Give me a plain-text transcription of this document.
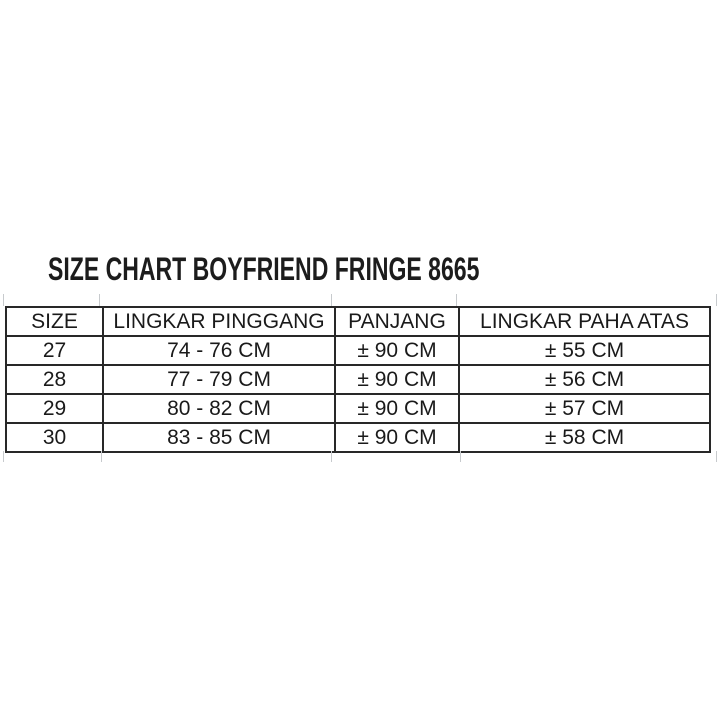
SIZE CHART BOYFRIEND FRINGE 8665
SIZE	LINGKAR PINGGANG	PANJANG	LINGKAR PAHA ATAS
27	74 - 76 CM	± 90 CM	± 55 CM
28	77 - 79 CM	± 90 CM	± 56 CM
29	80 - 82 CM	± 90 CM	± 57 CM
30	83 - 85 CM	± 90 CM	± 58 CM
